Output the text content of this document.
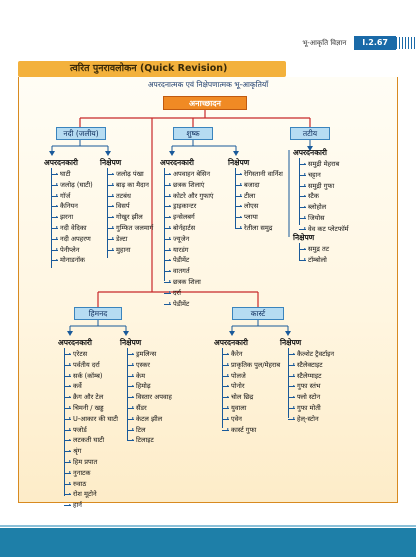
भू-आकृति विज्ञान	I.2.67
त्वरित पुनरावलोकन (Quick Revision)
अपरदनात्मक एवं निक्षेपणात्मक भू-आकृतियाँ
अनाच्छादन
नदी (जलीय)
अपरदनकारी
घाटी
जलोढ़ (घाटी)
गॉर्ज
कैनियन
झरना
नदी वेदिका
नदी अपहरण
पेनीप्लेन
मोनाडनॉक
निक्षेपण
जलोढ़ पंखा
बाढ़ का मैदान
तटबंध
विसर्प
गोखुर झील
गुम्फित जलमार्ग
डेल्टा
मुहाना
शुष्क
अपरदनकारी
अपवाहन बेसिन
छत्रक शिलाएं
कोटरे और गुफाएं
ड्राइकान्टर
इन्सेलबर्ग
बोर्नहार्टस
ज्यूजेन
यारडंग
पेडीमेंट
वातगर्त
छत्रक शिला
दर्रा
पेडीमेंट
निक्षेपण
रेगिस्तानी वार्निश
बजादा
टीला
लोएस
प्लाया
रेतीला समुद्र
तटीय
अपरदनकारी
समुद्री मेहराब
चट्टान
समुद्री गुफा
स्टैक
ब्लोहोल
जियोस
वेव कट प्लेटफॉर्म
निक्षेपण
समुद्र तट
टॉम्बोलो
हिमनद
अपरदनकारी
एरेटस
पर्वतीय दर्रा
सर्क (कॉम्ब)
कर्वे
क्रैग और टेल
चिमनी / खड्ड
U-आकार की घाटी
फ्जोर्ड
लटकती घाटी
श्रृंग
हिम प्रपात
नुनाटक
रुवाठ
रोश मूटोने
हार्न
निक्षेपण
ड्रमलिन्स
एस्कर
केम
हिमोढ़
विस्तार अपवाह
सैंडर
केटल झील
टिल
टिलाइट
कार्स्ट
अपरदनकारी
कैरेन
प्राकृतिक पुल/मेहराब
पोलजे
पोनोर
चोल छिद्र
युवाला
एवेन
कार्स्ट गुफा
निक्षेपण
कैल्शेट ट्रैवर्टाइन
स्टैलेक्टाइट
स्टैलेग्माइट
गुफा स्तंभ
फ्लो स्टोन
गुफा मोती
हेल्-स्टोन
